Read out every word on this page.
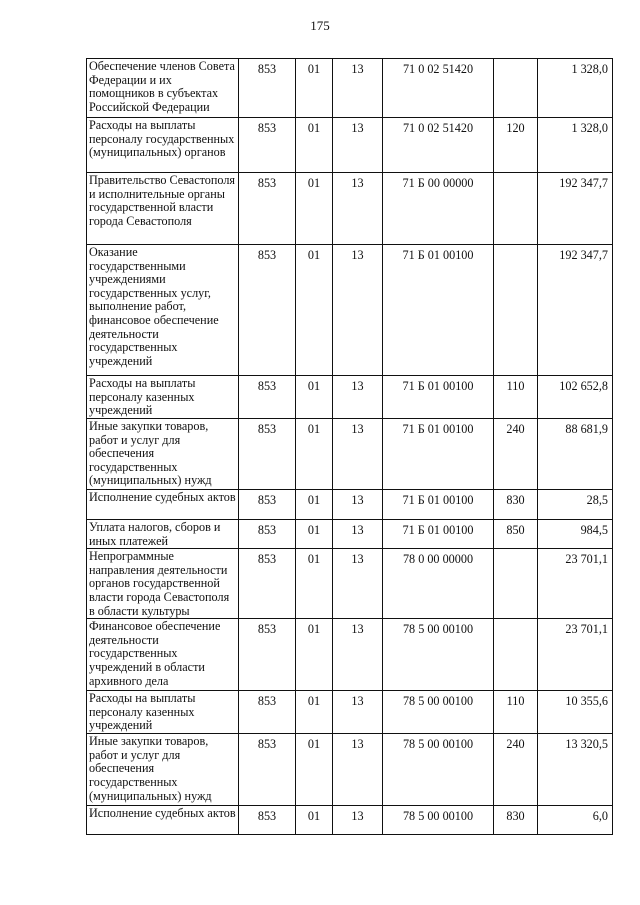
175
Обеспечение членов Совета Федерации и их помощников в субъектах Российской Федерации	853	01	13	71 0 02 51420		1 328,0
Расходы на выплаты персоналу государственных (муниципальных) органов	853	01	13	71 0 02 51420	120	1 328,0
Правительство Севастополя и исполнительные органы государственной власти города Севастополя	853	01	13	71 Б 00 00000		192 347,7
Оказание государственными учреждениями государственных услуг, выполнение работ, финансовое обеспечение деятельности государственных учреждений	853	01	13	71 Б 01 00100		192 347,7
Расходы на выплаты персоналу казенных учреждений	853	01	13	71 Б 01 00100	110	102 652,8
Иные закупки товаров, работ и услуг для обеспечения государственных (муниципальных) нужд	853	01	13	71 Б 01 00100	240	88 681,9
Исполнение судебных актов	853	01	13	71 Б 01 00100	830	28,5
Уплата налогов, сборов и иных платежей	853	01	13	71 Б 01 00100	850	984,5
Непрограммные направления деятельности органов государственной власти города Севастополя в области культуры	853	01	13	78 0 00 00000		23 701,1
Финансовое обеспечение деятельности государственных учреждений в области архивного дела	853	01	13	78 5 00 00100		23 701,1
Расходы на выплаты персоналу казенных учреждений	853	01	13	78 5 00 00100	110	10 355,6
Иные закупки товаров, работ и услуг для обеспечения государственных (муниципальных) нужд	853	01	13	78 5 00 00100	240	13 320,5
Исполнение судебных актов	853	01	13	78 5 00 00100	830	6,0
